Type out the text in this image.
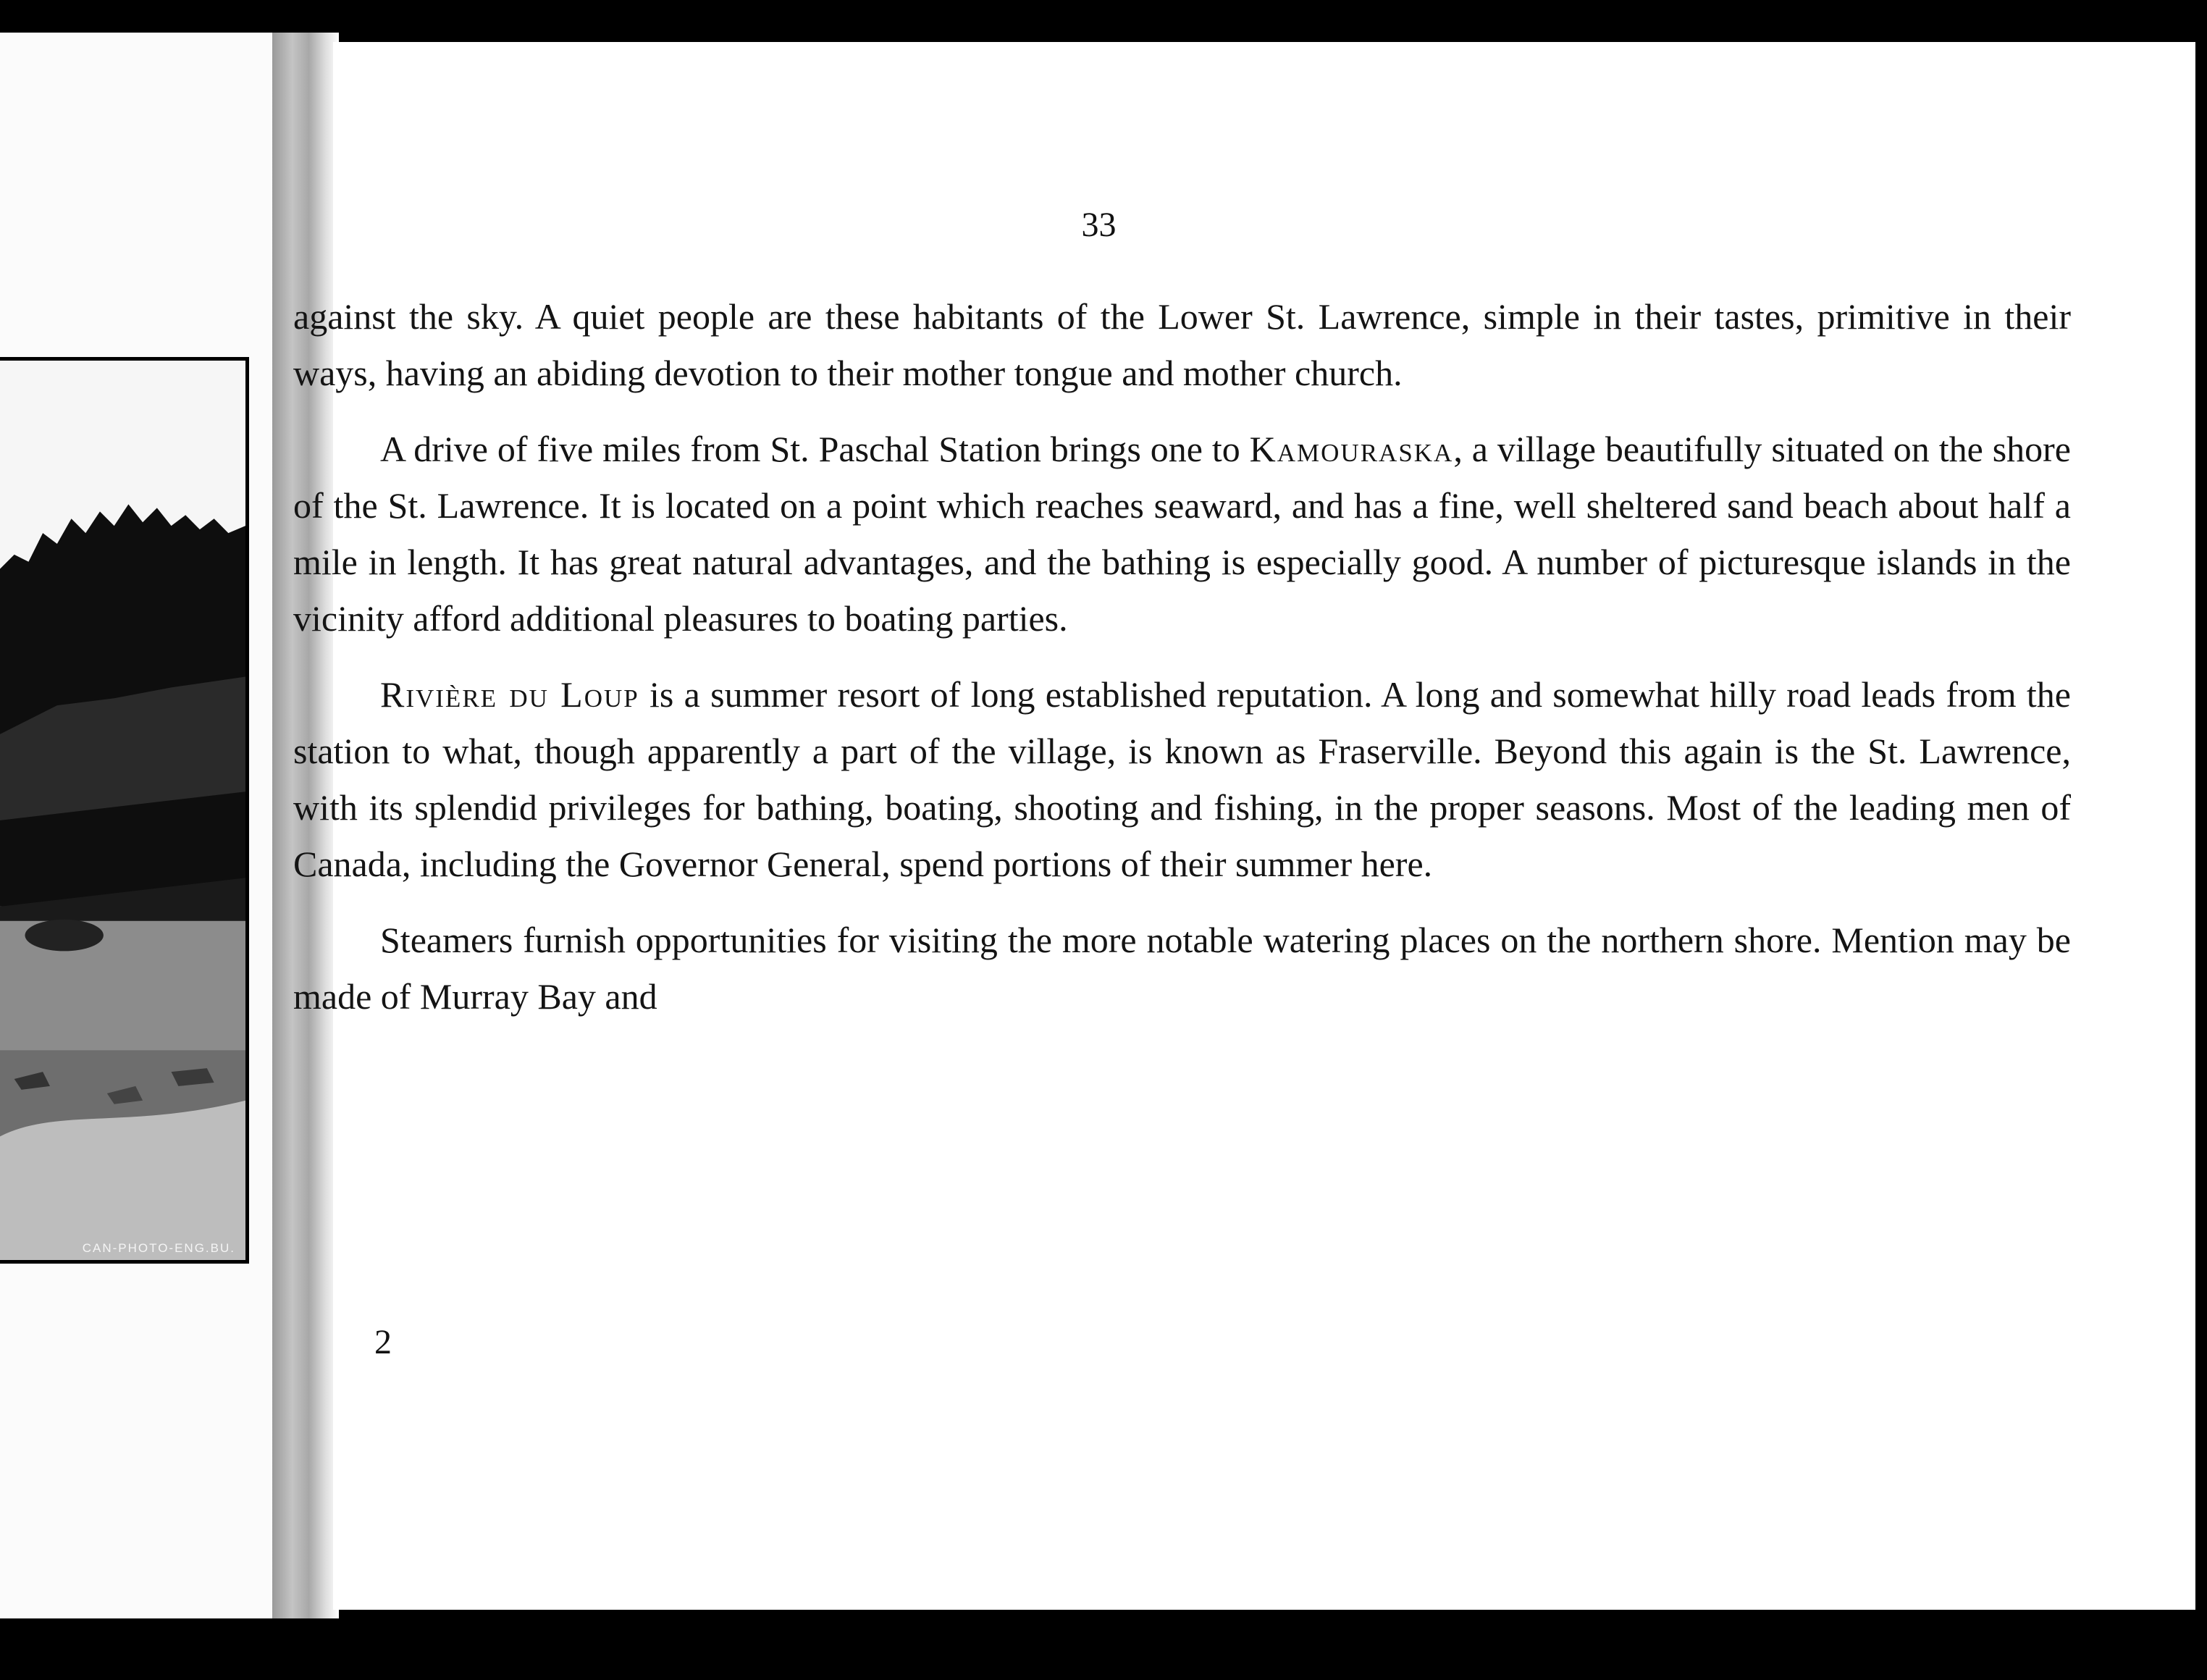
CAN-PHOTO-ENG.BU.
33

against the sky. A quiet people are these habitants of the Lower St. Lawrence, simple in their tastes, primitive in their ways, having an abiding devotion to their mother tongue and mother church.

A drive of five miles from St. Paschal Station brings one to Kamouraska, a village beautifully situated on the shore of the St. Lawrence. It is located on a point which reaches seaward, and has a fine, well sheltered sand beach about half a mile in length. It has great natural advantages, and the bathing is especially good. A number of picturesque islands in the vicinity afford additional pleasures to boating parties.

Rivière du Loup is a summer resort of long established reputation. A long and somewhat hilly road leads from the station to what, though apparently a part of the village, is known as Fraserville. Beyond this again is the St. Lawrence, with its splendid privileges for bathing, boating, shooting and fishing, in the proper seasons. Most of the leading men of Canada, including the Governor General, spend portions of their summer here.

Steamers furnish opportunities for visiting the more notable watering places on the northern shore. Mention may be made of Murray Bay and

2
